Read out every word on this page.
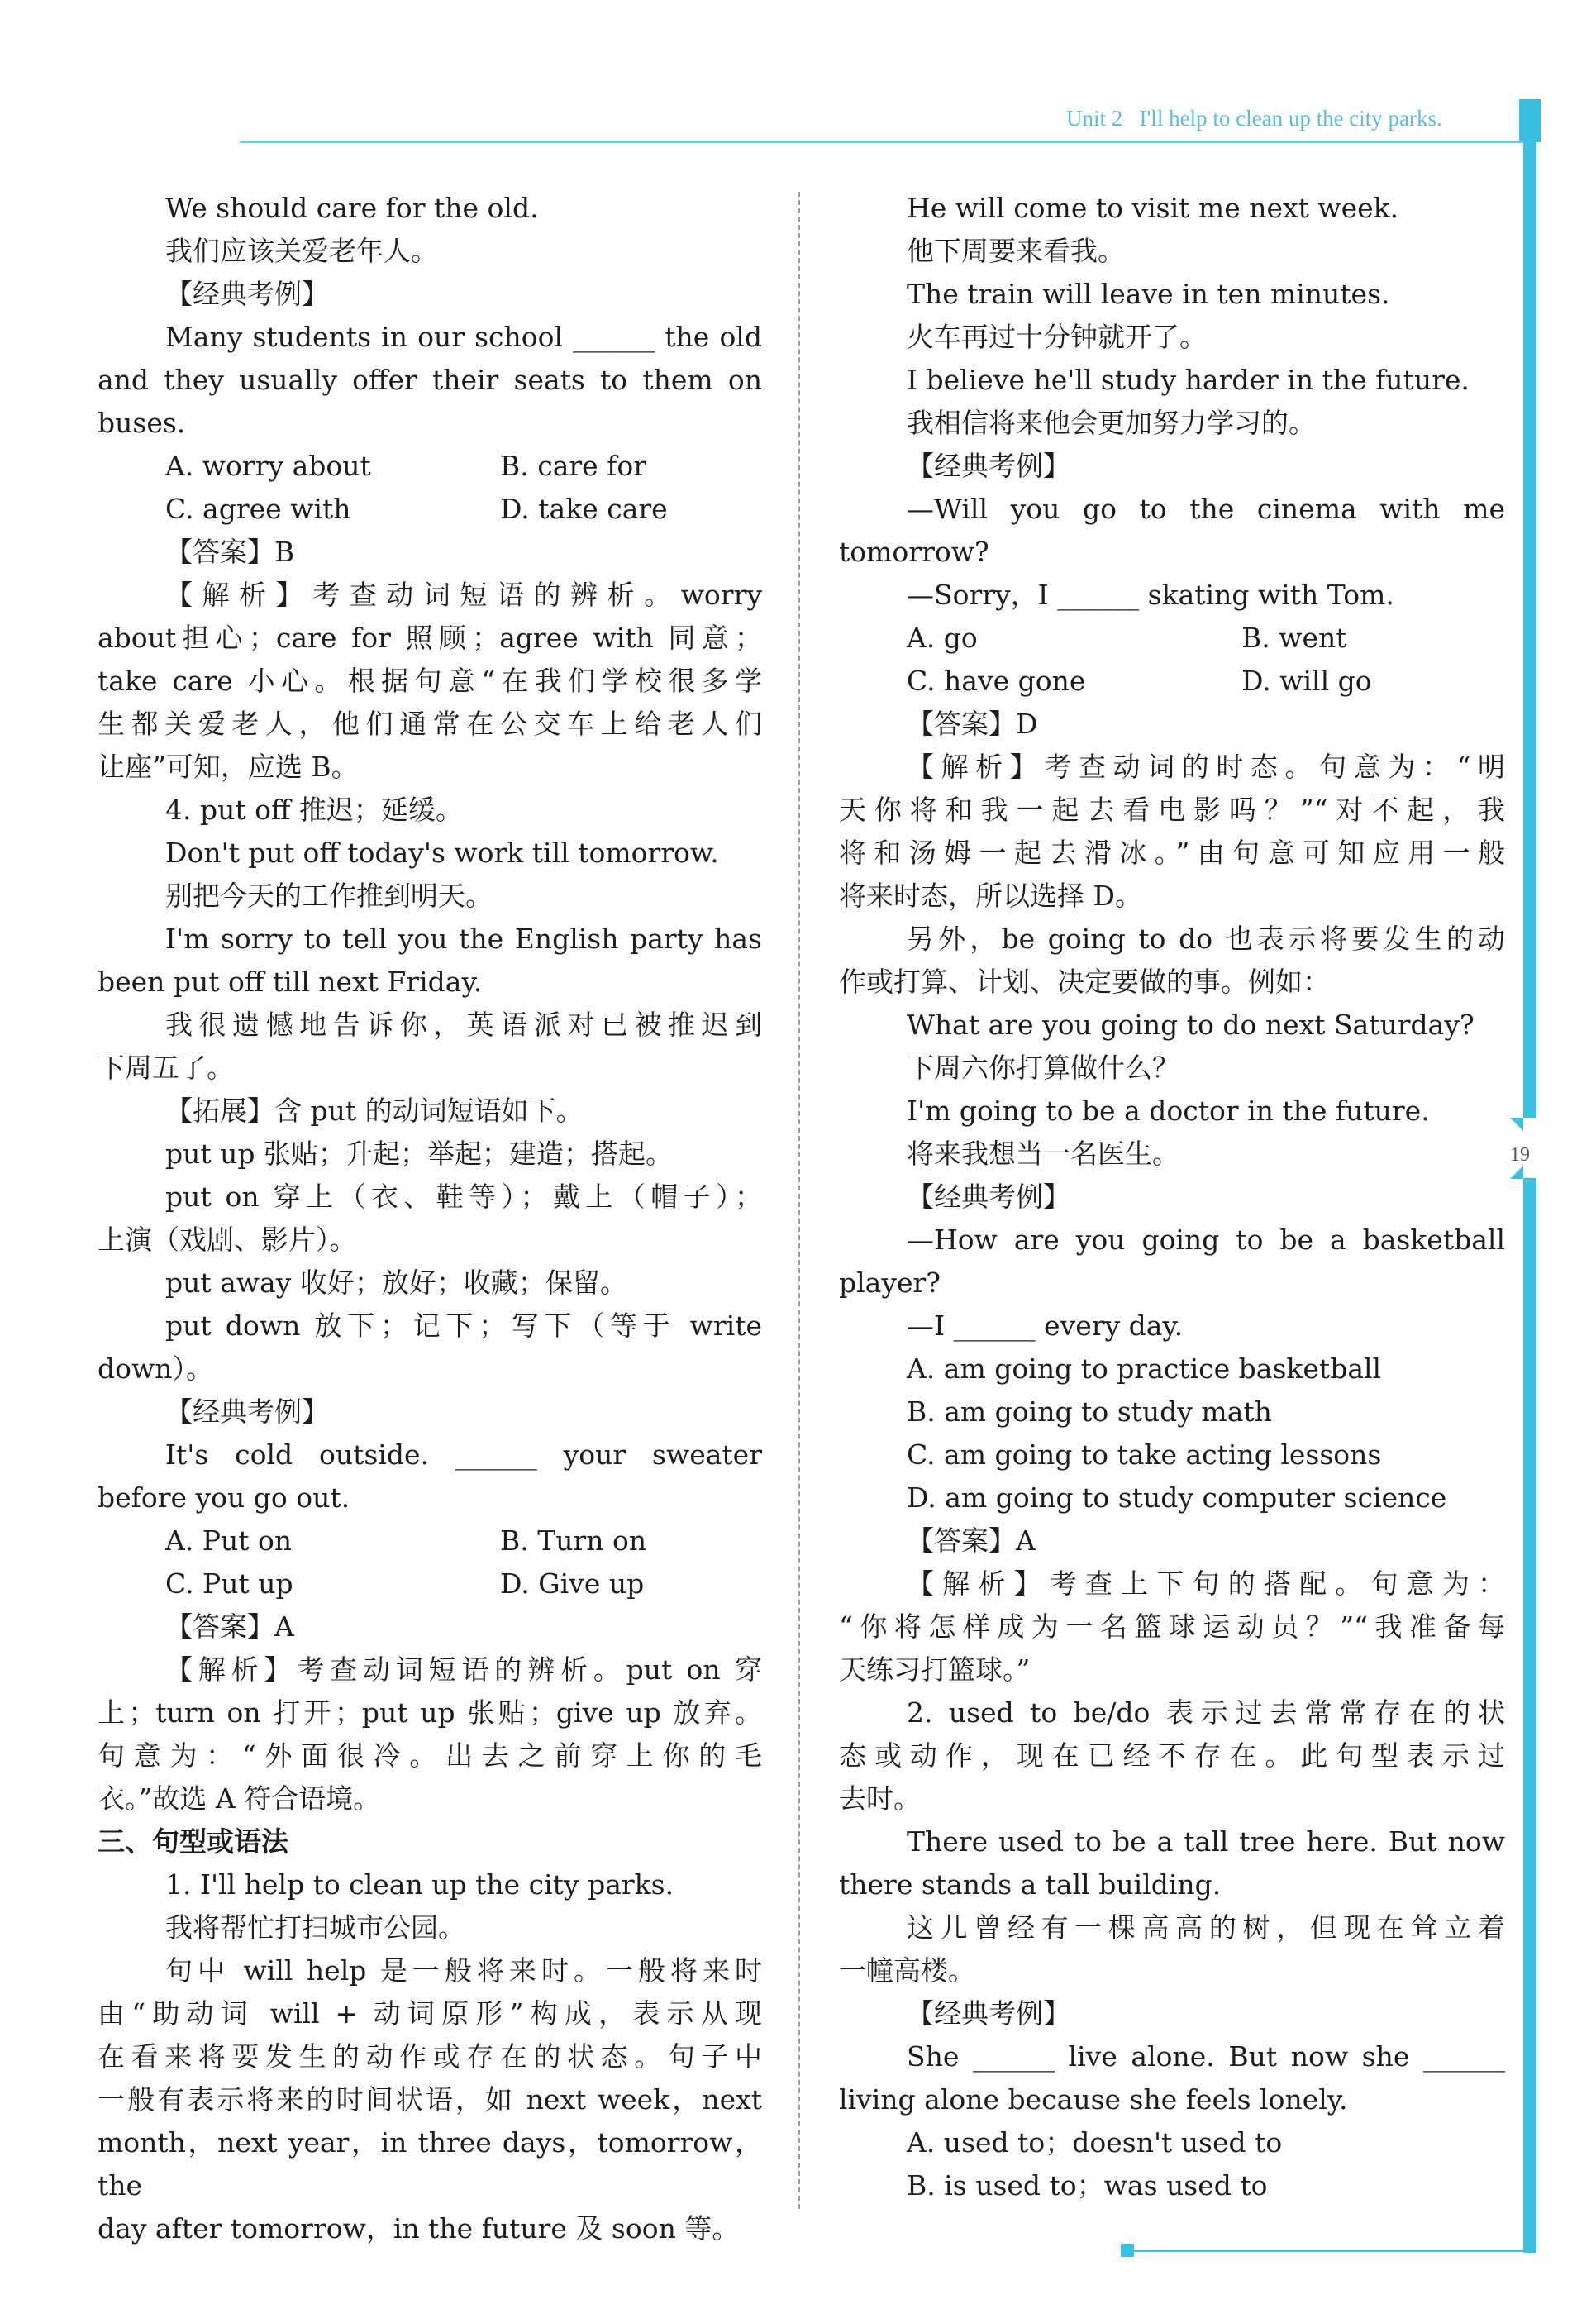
Unit 2 I'll help to clean up the city parks.
19

We should care for the old.

我们应该关爱老年人。

【经典考例】

Many students in our school ______ the old

and they usually offer their seats to them on

buses.

A. worry about	B. care for
C. agree with	D. take care

【答案】B

【解析】考查动词短语的辨析。worry

about担心；care for 照顾；agree with 同意；

take care 小心。根据句意“在我们学校很多学

生都关爱老人，他们通常在公交车上给老人们

让座”可知，应选 B。

4. put off 推迟；延缓。

Don't put off today's work till tomorrow.

别把今天的工作推到明天。

I'm sorry to tell you the English party has

been put off till next Friday.

我很遗憾地告诉你，英语派对已被推迟到

下周五了。

【拓展】含 put 的动词短语如下。

put up 张贴；升起；举起；建造；搭起。

put on 穿上（衣、鞋等）；戴上（帽子）；

上演（戏剧、影片）。

put away 收好；放好；收藏；保留。

put down 放下；记下；写下（等于 write

down）。

【经典考例】

It's cold outside. ______ your sweater

before you go out.

A. Put on	B. Turn on
C. Put up	D. Give up

【答案】A

【解析】考查动词短语的辨析。put on 穿

上；turn on 打开；put up 张贴；give up 放弃。

句意为：“外面很冷。出去之前穿上你的毛

衣。”故选 A 符合语境。

三、句型或语法

1. I'll help to clean up the city parks.

我将帮忙打扫城市公园。

句中 will help 是一般将来时。一般将来时

由“助动词 will + 动词原形”构成，表示从现

在看来将要发生的动作或存在的状态。句子中

一般有表示将来的时间状语，如 next week，next

month，next year，in three days，tomorrow，the

day after tomorrow，in the future 及 soon 等。

He will come to visit me next week.

他下周要来看我。

The train will leave in ten minutes.

火车再过十分钟就开了。

I believe he'll study harder in the future.

我相信将来他会更加努力学习的。

【经典考例】

—Will you go to the cinema with me

tomorrow?

—Sorry，I ______ skating with Tom.

A. go	B. went
C. have gone	D. will go

【答案】D

【解析】考查动词的时态。句意为：“明

天你将和我一起去看电影吗？”“对不起，我

将和汤姆一起去滑冰。”由句意可知应用一般

将来时态，所以选择 D。

另外，be going to do 也表示将要发生的动

作或打算、计划、决定要做的事。例如：

What are you going to do next Saturday?

下周六你打算做什么？

I'm going to be a doctor in the future.

将来我想当一名医生。

【经典考例】

—How are you going to be a basketball

player?

—I ______ every day.

A. am going to practice basketball

B. am going to study math

C. am going to take acting lessons

D. am going to study computer science

【答案】A

【解析】考查上下句的搭配。句意为：

“你将怎样成为一名篮球运动员？”“我准备每

天练习打篮球。”

2. used to be/do 表示过去常常存在的状

态或动作，现在已经不存在。此句型表示过

去时。

There used to be a tall tree here. But now

there stands a tall building.

这儿曾经有一棵高高的树，但现在耸立着

一幢高楼。

【经典考例】

She ______ live alone. But now she ______

living alone because she feels lonely.

A. used to；doesn't used to

B. is used to；was used to
